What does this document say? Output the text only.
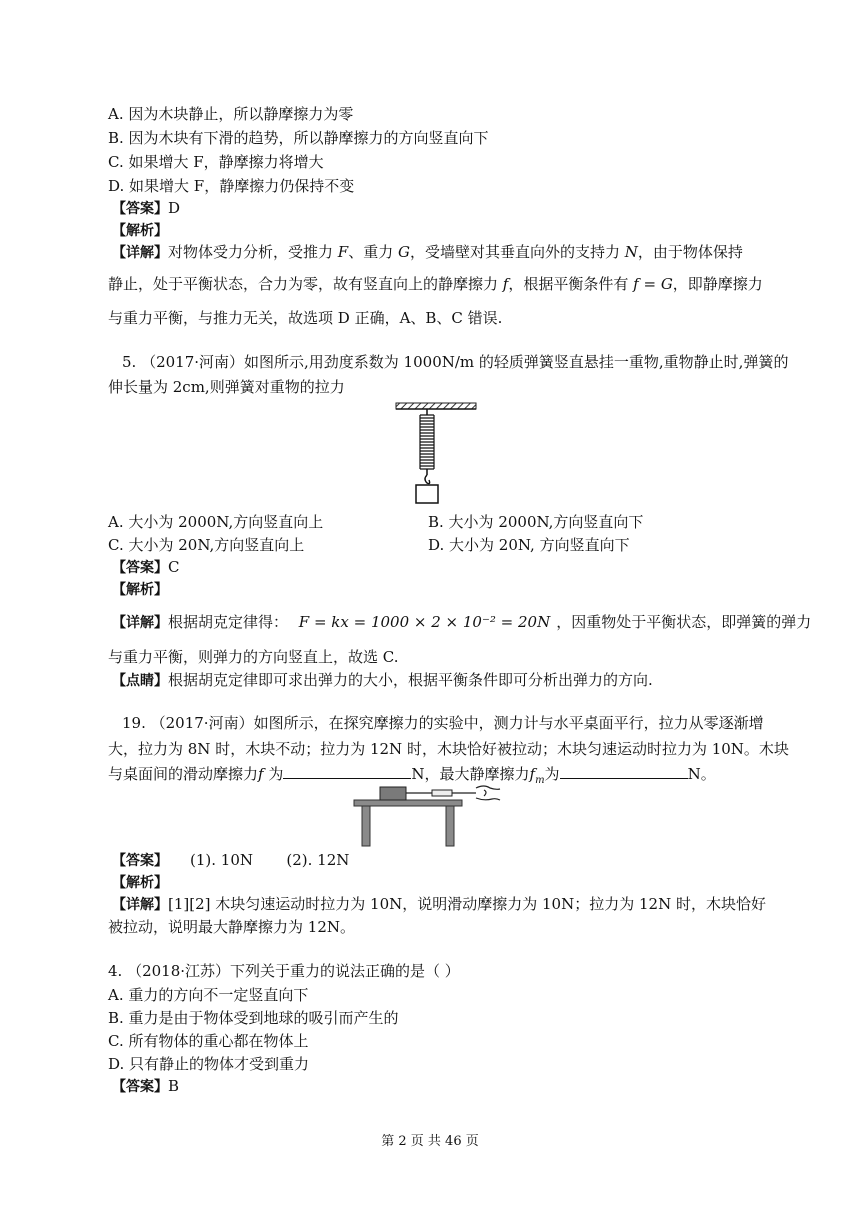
A. 因为木块静止，所以静摩擦力为零
B. 因为木块有下滑的趋势，所以静摩擦力的方向竖直向下
C. 如果增大 F，静摩擦力将增大
D. 如果增大 F，静摩擦力仍保持不变
【答案】D
【解析】
【详解】对物体受力分析，受推力 F、重力 G，受墙壁对其垂直向外的支持力 N，由于物体保持
静止，处于平衡状态，合力为零，故有竖直向上的静摩擦力 f，根据平衡条件有 f = G，即静摩擦力
与重力平衡，与推力无关，故选项 D 正确，A、B、C 错误.
5. （2017·河南）如图所示,用劲度系数为 1000N/m 的轻质弹簧竖直悬挂一重物,重物静止时,弹簧的
伸长量为 2cm,则弹簧对重物的拉力
A. 大小为 2000N,方向竖直向上	B. 大小为 2000N,方向竖直向下
C. 大小为 20N,方向竖直向上	D. 大小为 20N, 方向竖直向下
【答案】C
【解析】
【详解】根据胡克定律得： F = kx = 1000 × 2 × 10⁻² = 20N ，因重物处于平衡状态，即弹簧的弹力
与重力平衡，则弹力的方向竖直上，故选 C.
【点睛】根据胡克定律即可求出弹力的大小，根据平衡条件即可分析出弹力的方向.
19. （2017·河南）如图所示，在探究摩擦力的实验中，测力计与水平桌面平行，拉力从零逐渐增
大，拉力为 8N 时，木块不动；拉力为 12N 时，木块恰好被拉动；木块匀速运动时拉力为 10N。木块
与桌面间的滑动摩擦力f 为	N，最大静摩擦力$f_m$为	N。
【答案】 (1). 10N       (2). 12N
【解析】
【详解】[1][2] 木块匀速运动时拉力为 10N，说明滑动摩擦力为 10N；拉力为 12N 时，木块恰好
被拉动，说明最大静摩擦力为 12N。
4. （2018·江苏）下列关于重力的说法正确的是（ ）
A. 重力的方向不一定竖直向下
B. 重力是由于物体受到地球的吸引而产生的
C. 所有物体的重心都在物体上
D. 只有静止的物体才受到重力
【答案】B
第 2 页 共 46 页
